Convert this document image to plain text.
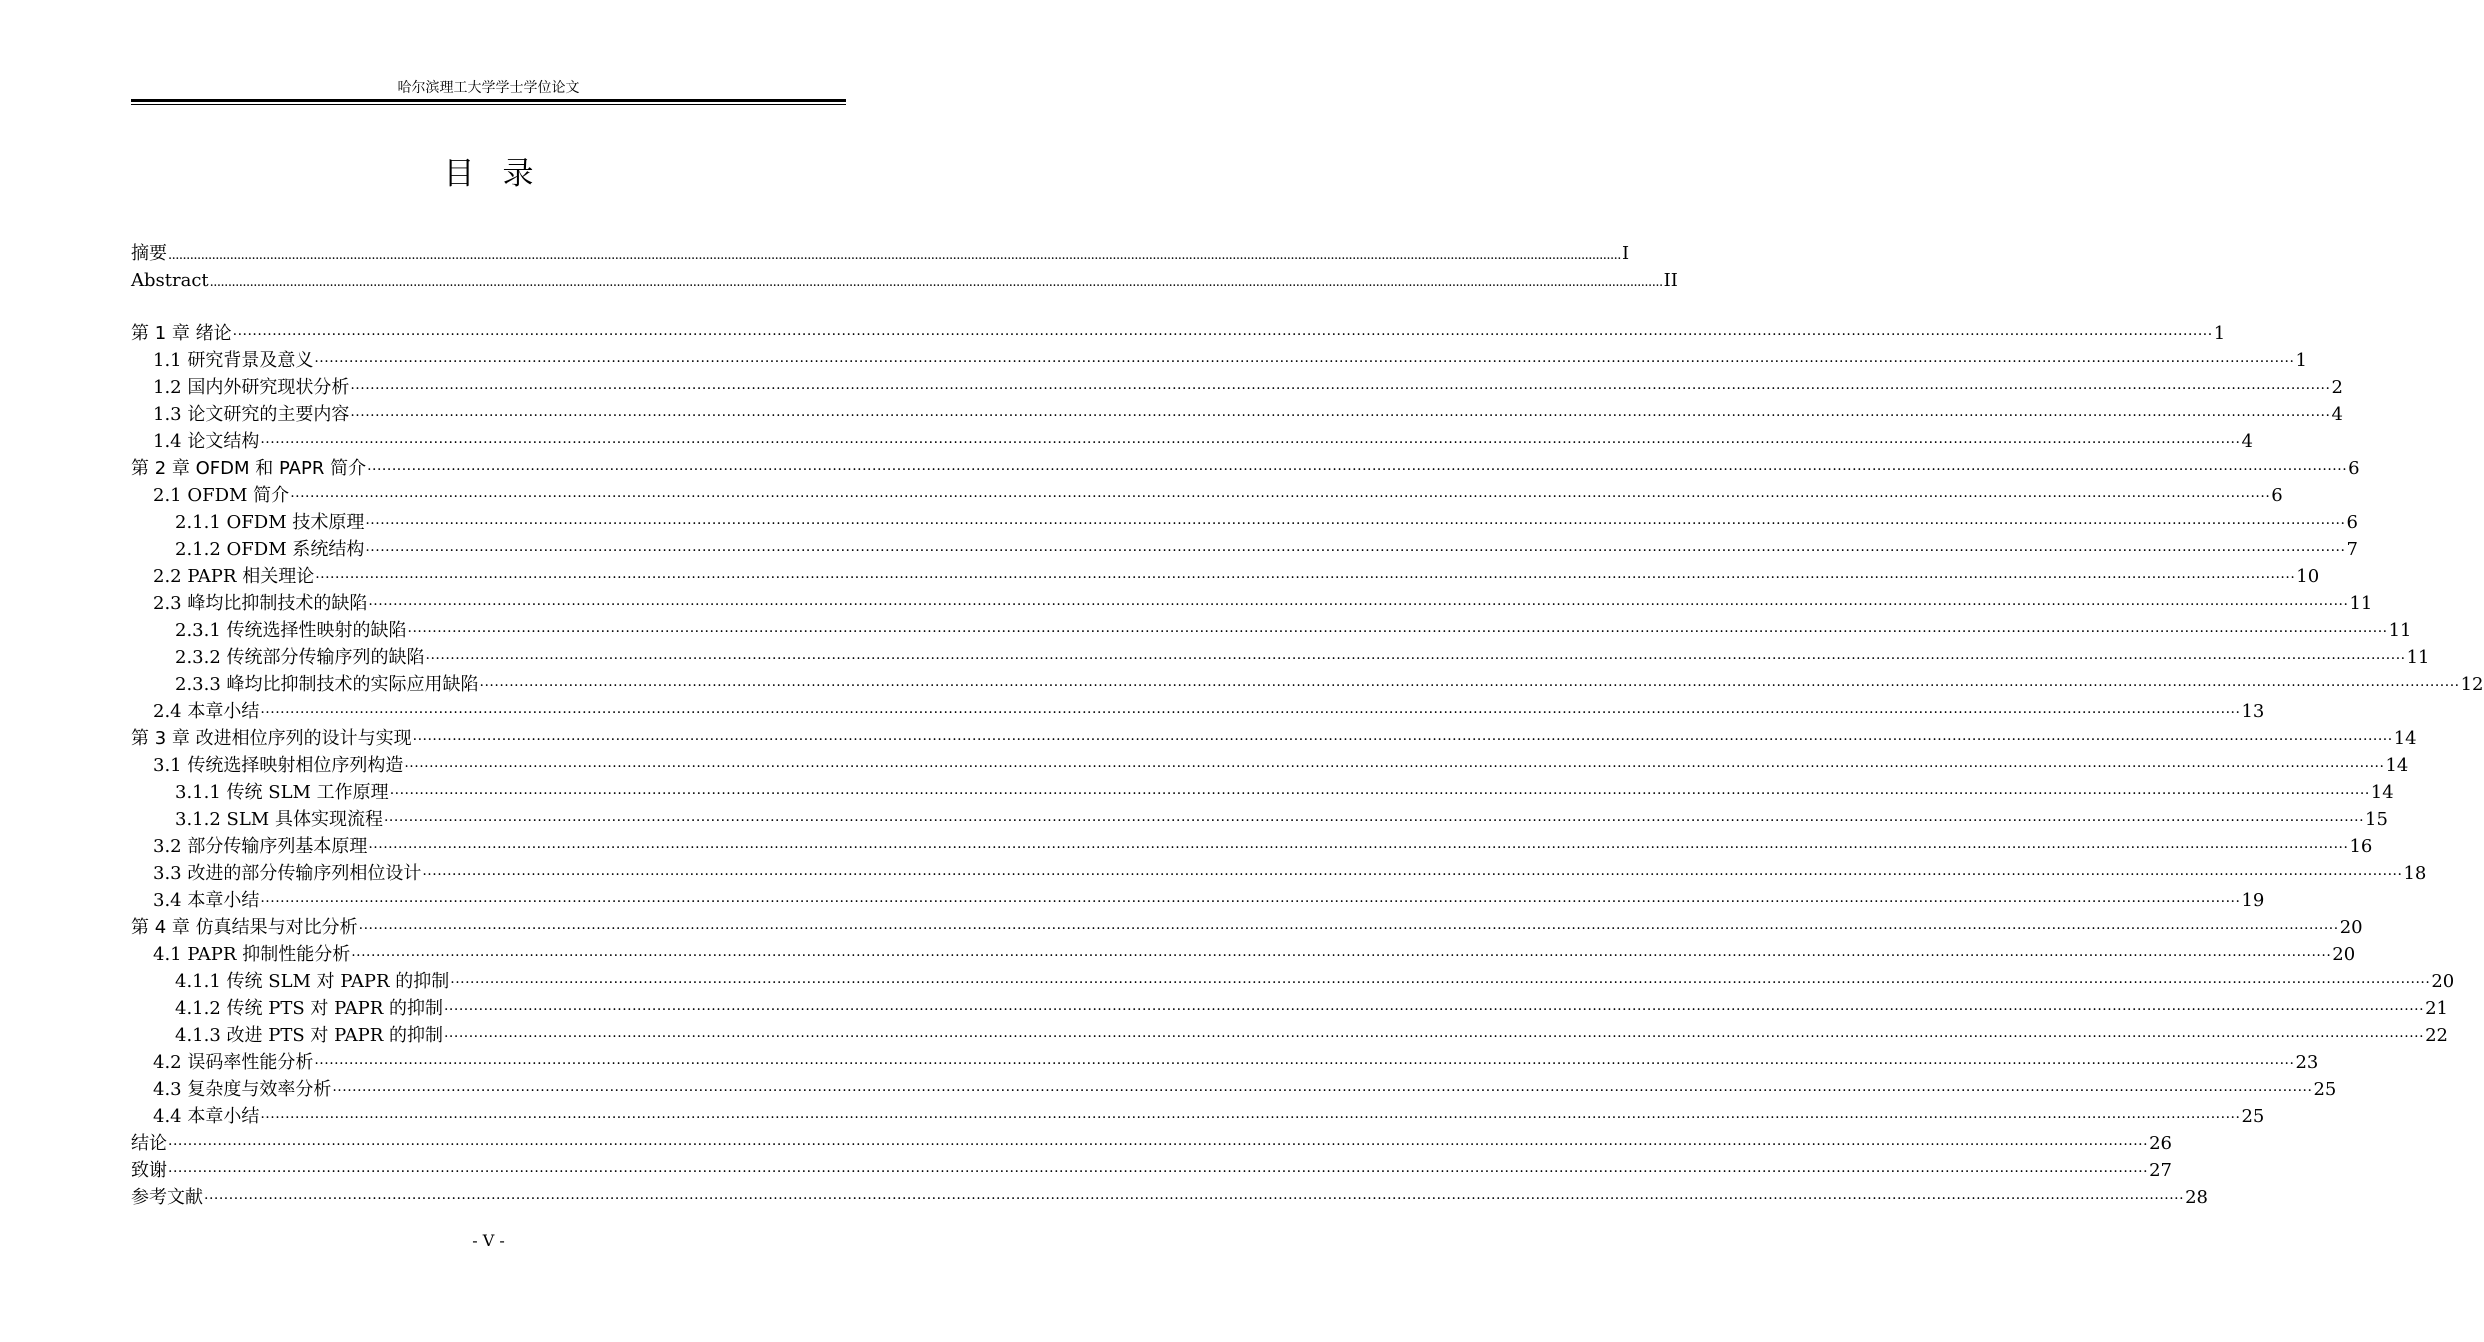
哈尔滨理工大学学士学位论文
目录
摘要 ................................................................................................................................................................................................................................................................................................................................................................................................................ I
Abstract ................................................................................................................................................................................................................................................................................................................................................................................................................ II
第 1 章 绪论 ················································································································································································································································································································································································································ 1
1.1 研究背景及意义 ················································································································································································································································································································································································································ 1
1.2 国内外研究现状分析 ················································································································································································································································································································································································································ 2
1.3 论文研究的主要内容 ················································································································································································································································································································································································································ 4
1.4 论文结构 ················································································································································································································································································································································································································ 4
第 2 章 OFDM 和 PAPR 简介 ················································································································································································································································································································································································································ 6
2.1 OFDM 简介 ················································································································································································································································································································································································································ 6
2.1.1 OFDM 技术原理 ················································································································································································································································································································································································································ 6
2.1.2 OFDM 系统结构 ················································································································································································································································································································································································································ 7
2.2 PAPR 相关理论 ················································································································································································································································································································································································································ 10
2.3 峰均比抑制技术的缺陷 ················································································································································································································································································································································································································ 11
2.3.1 传统选择性映射的缺陷 ················································································································································································································································································································································································································ 11
2.3.2 传统部分传输序列的缺陷 ················································································································································································································································································································································································································ 11
2.3.3 峰均比抑制技术的实际应用缺陷 ················································································································································································································································································································································································································ 12
2.4 本章小结 ················································································································································································································································································································································································································ 13
第 3 章 改进相位序列的设计与实现 ················································································································································································································································································································································································································ 14
3.1 传统选择映射相位序列构造 ················································································································································································································································································································································································································ 14
3.1.1 传统 SLM 工作原理 ················································································································································································································································································································································································································ 14
3.1.2 SLM 具体实现流程 ················································································································································································································································································································································································································ 15
3.2 部分传输序列基本原理 ················································································································································································································································································································································································································ 16
3.3 改进的部分传输序列相位设计 ················································································································································································································································································································································································································ 18
3.4 本章小结 ················································································································································································································································································································································································································ 19
第 4 章 仿真结果与对比分析 ················································································································································································································································································································································································································ 20
4.1 PAPR 抑制性能分析 ················································································································································································································································································································································································································ 20
4.1.1 传统 SLM 对 PAPR 的抑制 ················································································································································································································································································································································································································ 20
4.1.2 传统 PTS 对 PAPR 的抑制 ················································································································································································································································································································································································································ 21
4.1.3 改进 PTS 对 PAPR 的抑制 ················································································································································································································································································································································································································ 22
4.2 误码率性能分析 ················································································································································································································································································································································································································ 23
4.3 复杂度与效率分析 ················································································································································································································································································································································································································ 25
4.4 本章小结 ················································································································································································································································································································································································································ 25
结论 ················································································································································································································································································································································································································ 26
致谢 ················································································································································································································································································································································································································ 27
参考文献 ················································································································································································································································································································································································································ 28
- V -
